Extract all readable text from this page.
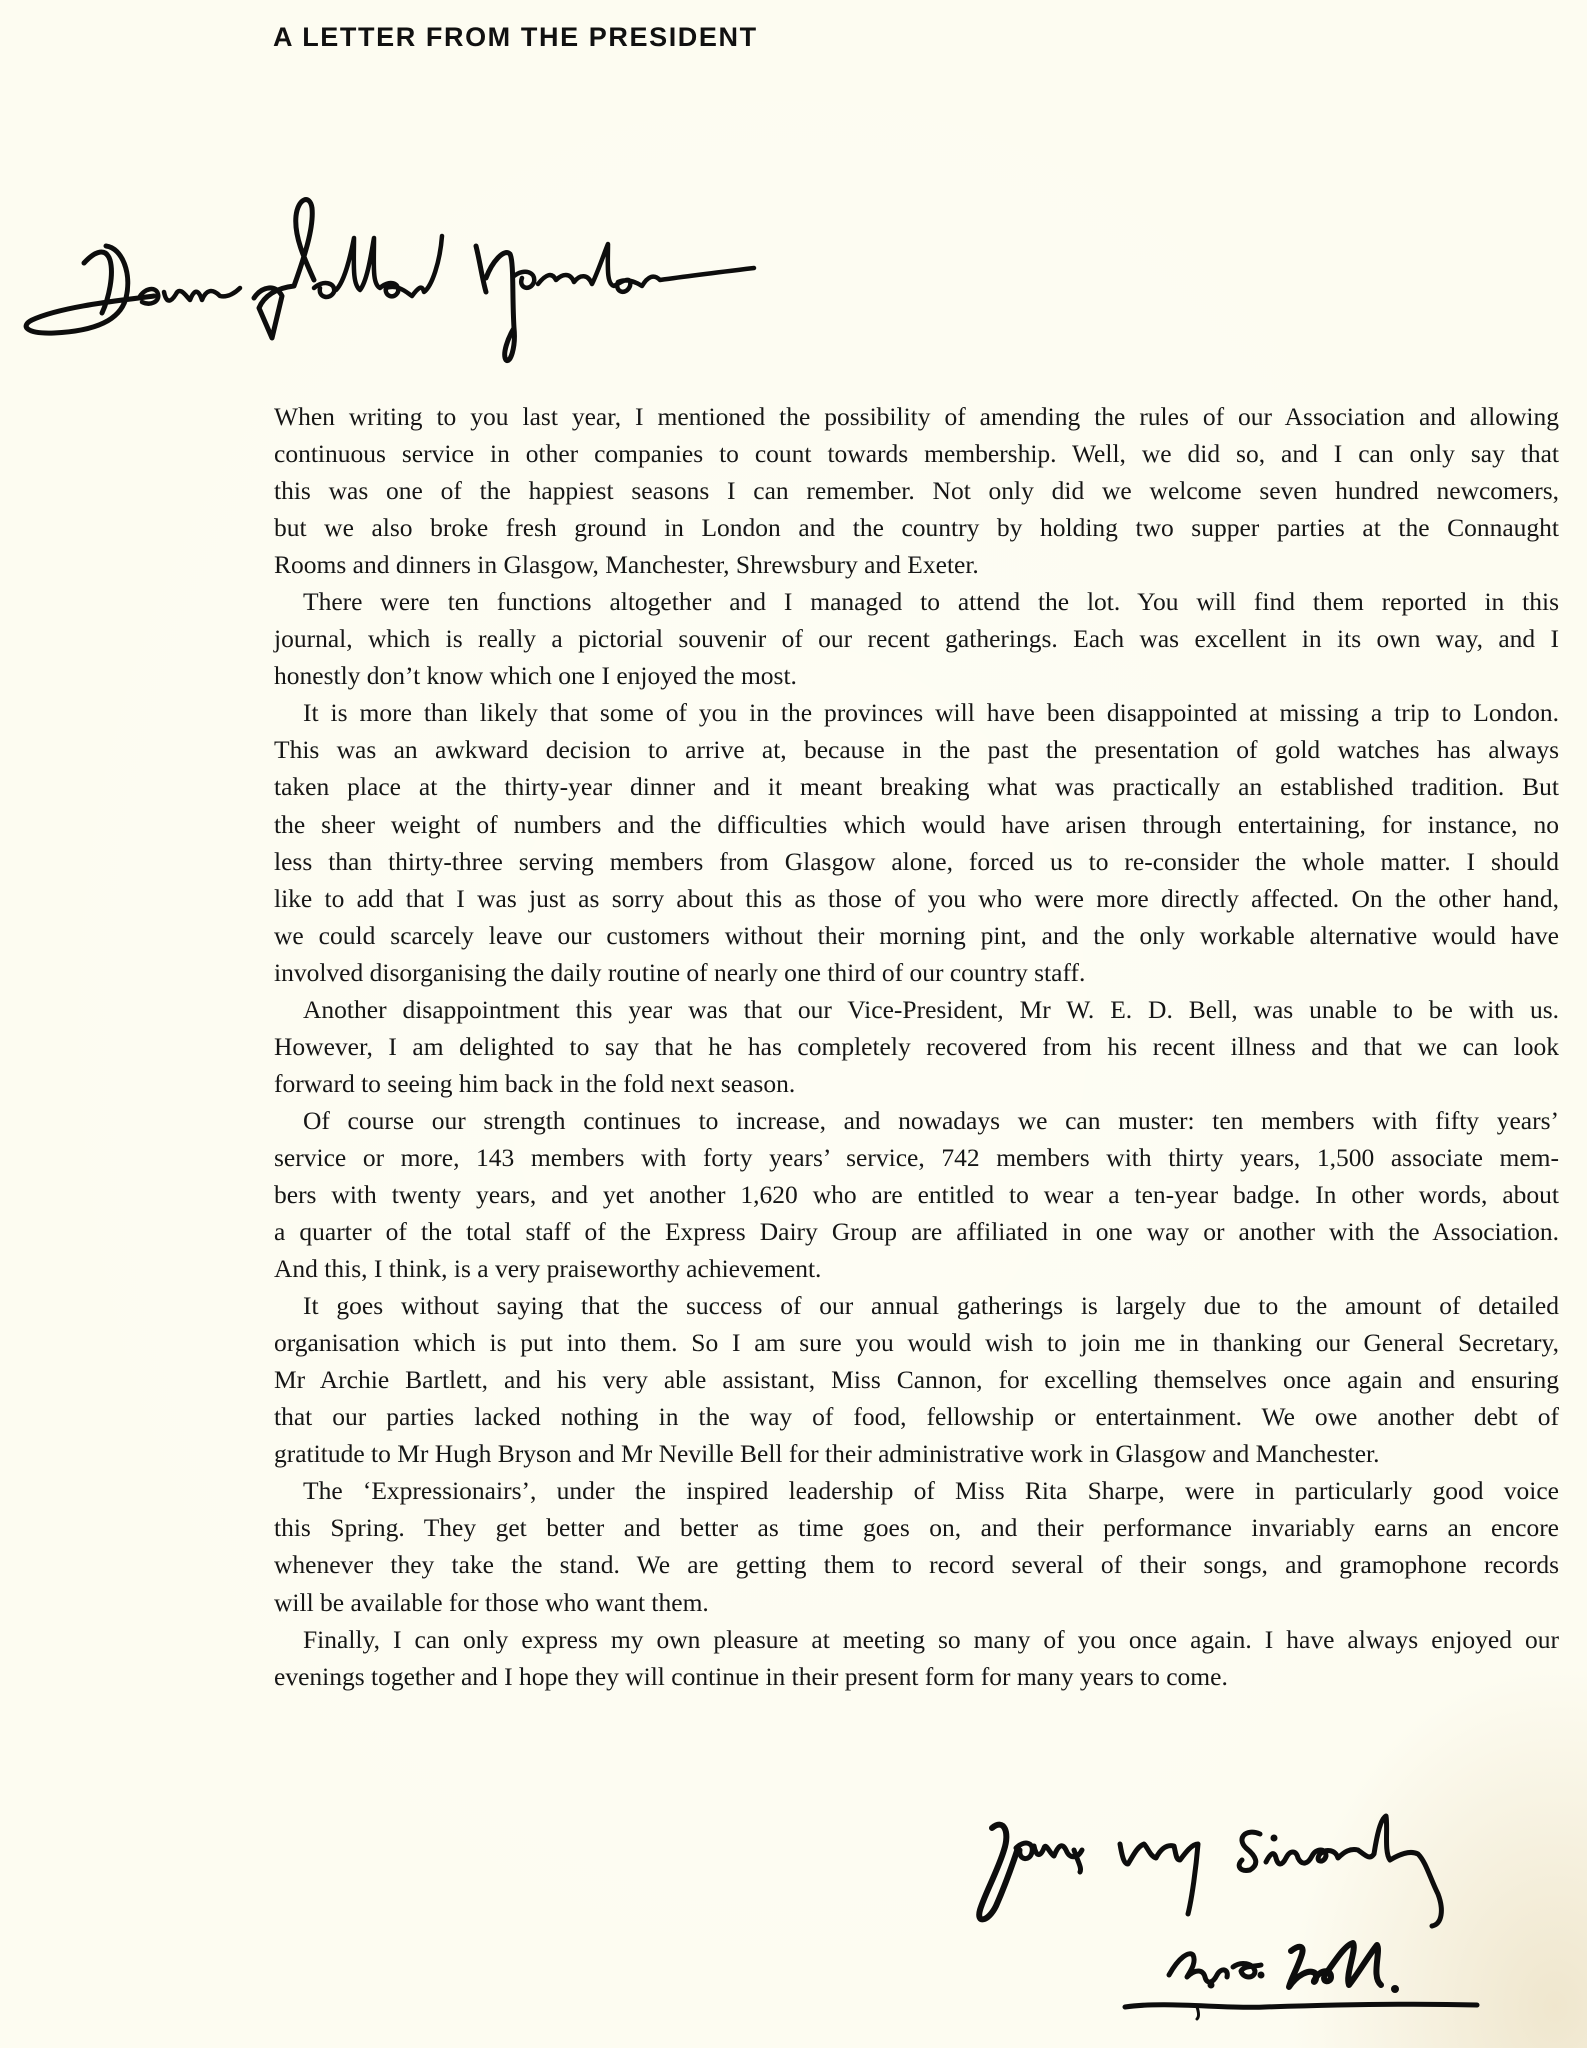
A LETTER FROM THE PRESIDENT
When writing to you last year, I mentioned the possibility of amending the rules of our Association and allowing
continuous service in other companies to count towards membership. Well, we did so, and I can only say that
this was one of the happiest seasons I can remember. Not only did we welcome seven hundred newcomers,
but we also broke fresh ground in London and the country by holding two supper parties at the Connaught
Rooms and dinners in Glasgow, Manchester, Shrewsbury and Exeter.
There were ten functions altogether and I managed to attend the lot. You will find them reported in this
journal, which is really a pictorial souvenir of our recent gatherings. Each was excellent in its own way, and I
honestly don’t know which one I enjoyed the most.
It is more than likely that some of you in the provinces will have been disappointed at missing a trip to London.
This was an awkward decision to arrive at, because in the past the presentation of gold watches has always
taken place at the thirty-year dinner and it meant breaking what was practically an established tradition. But
the sheer weight of numbers and the difficulties which would have arisen through entertaining, for instance, no
less than thirty-three serving members from Glasgow alone, forced us to re-consider the whole matter. I should
like to add that I was just as sorry about this as those of you who were more directly affected. On the other hand,
we could scarcely leave our customers without their morning pint, and the only workable alternative would have
involved disorganising the daily routine of nearly one third of our country staff.
Another disappointment this year was that our Vice-President, Mr W. E. D. Bell, was unable to be with us.
However, I am delighted to say that he has completely recovered from his recent illness and that we can look
forward to seeing him back in the fold next season.
Of course our strength continues to increase, and nowadays we can muster: ten members with fifty years’
service or more, 143 members with forty years’ service, 742 members with thirty years, 1,500 associate mem-
bers with twenty years, and yet another 1,620 who are entitled to wear a ten-year badge. In other words, about
a quarter of the total staff of the Express Dairy Group are affiliated in one way or another with the Association.
And this, I think, is a very praiseworthy achievement.
It goes without saying that the success of our annual gatherings is largely due to the amount of detailed
organisation which is put into them. So I am sure you would wish to join me in thanking our General Secretary,
Mr Archie Bartlett, and his very able assistant, Miss Cannon, for excelling themselves once again and ensuring
that our parties lacked nothing in the way of food, fellowship or entertainment. We owe another debt of
gratitude to Mr Hugh Bryson and Mr Neville Bell for their administrative work in Glasgow and Manchester.
The ‘Expressionairs’, under the inspired leadership of Miss Rita Sharpe, were in particularly good voice
this Spring. They get better and better as time goes on, and their performance invariably earns an encore
whenever they take the stand. We are getting them to record several of their songs, and gramophone records
will be available for those who want them.
Finally, I can only express my own pleasure at meeting so many of you once again. I have always enjoyed our
evenings together and I hope they will continue in their present form for many years to come.
